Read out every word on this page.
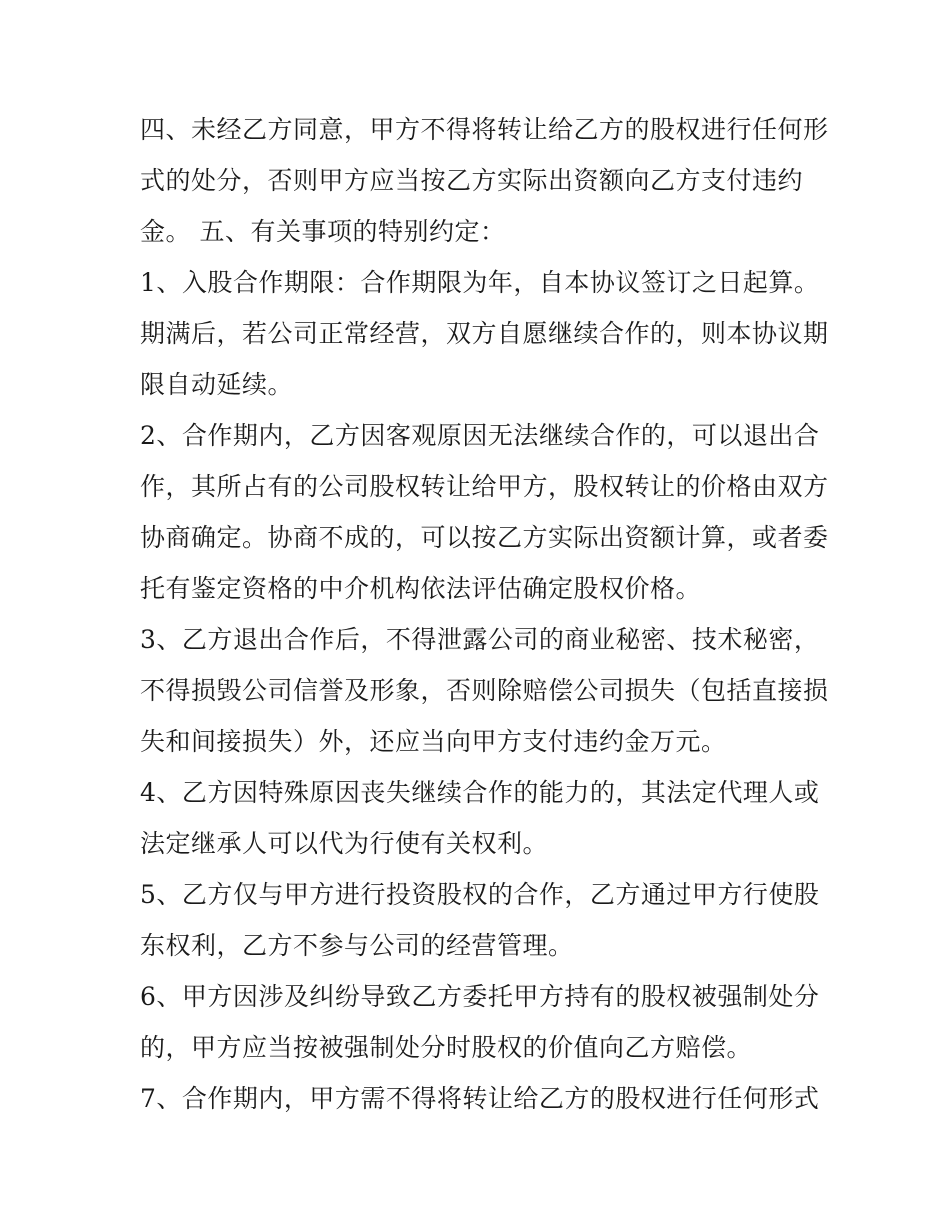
四、未经乙方同意，甲方不得将转让给乙方的股权进行任何形
式的处分，否则甲方应当按乙方实际出资额向乙方支付违约
金。 五、有关事项的特别约定：
1、入股合作期限：合作期限为年，自本协议签订之日起算。
期满后，若公司正常经营，双方自愿继续合作的，则本协议期
限自动延续。
2、合作期内，乙方因客观原因无法继续合作的，可以退出合
作，其所占有的公司股权转让给甲方，股权转让的价格由双方
协商确定。协商不成的，可以按乙方实际出资额计算，或者委
托有鉴定资格的中介机构依法评估确定股权价格。
3、乙方退出合作后，不得泄露公司的商业秘密、技术秘密，
不得损毁公司信誉及形象，否则除赔偿公司损失（包括直接损
失和间接损失）外，还应当向甲方支付违约金万元。
4、乙方因特殊原因丧失继续合作的能力的，其法定代理人或
法定继承人可以代为行使有关权利。
5、乙方仅与甲方进行投资股权的合作，乙方通过甲方行使股
东权利，乙方不参与公司的经营管理。
6、甲方因涉及纠纷导致乙方委托甲方持有的股权被强制处分
的，甲方应当按被强制处分时股权的价值向乙方赔偿。
7、合作期内，甲方需不得将转让给乙方的股权进行任何形式
